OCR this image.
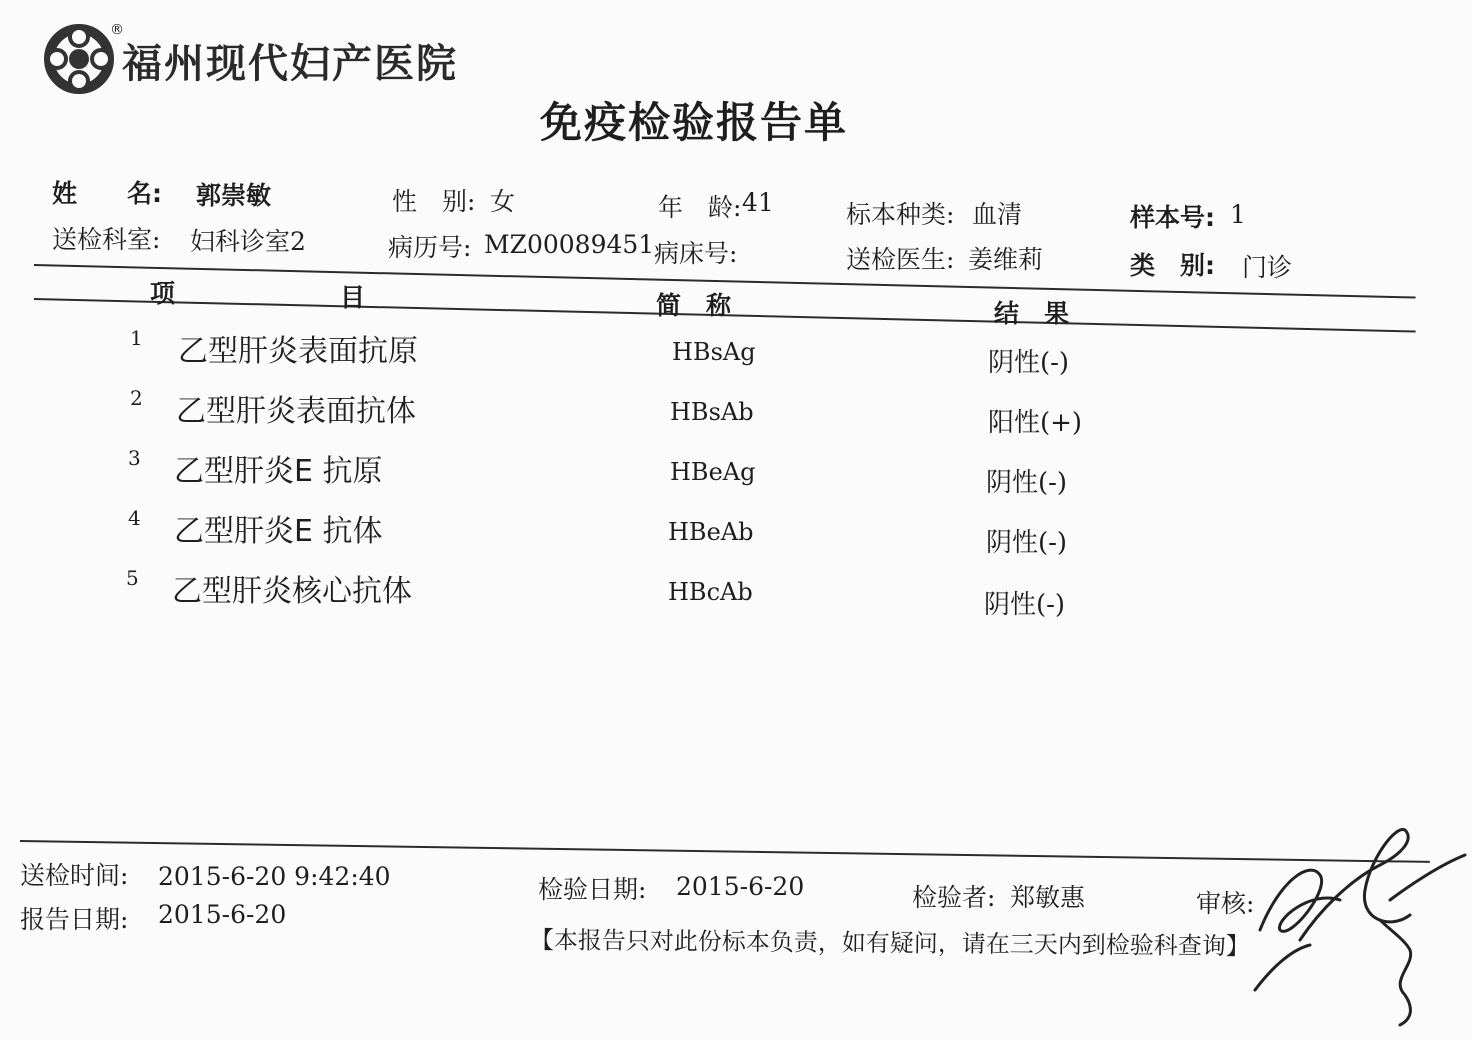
®
福州现代妇产医院
免疫检验报告单
姓　　名: 郭崇敏	性　别: 女	年　龄: 41	标本种类: 血清	样本号: 1
送检科室: 妇科诊室2	病历号: MZ00089451 病床号:	送检医生: 姜维莉	类　别: 门诊
项	目	简　称	结　果
1 乙型肝炎表面抗原	HBsAg	阴性(-)
2 乙型肝炎表面抗体	HBsAb	阳性(+)
3 乙型肝炎E 抗原	HBeAg	阴性(-)
4 乙型肝炎E 抗体	HBeAb	阴性(-)
5 乙型肝炎核心抗体	HBcAb	阴性(-)
送检时间: 2015-6-20 9:42:40
报告日期: 2015-6-20
检验日期: 2015-6-20	检验者: 郑敏惠	审核:
【本报告只对此份标本负责，如有疑问，请在三天内到检验科查询】
